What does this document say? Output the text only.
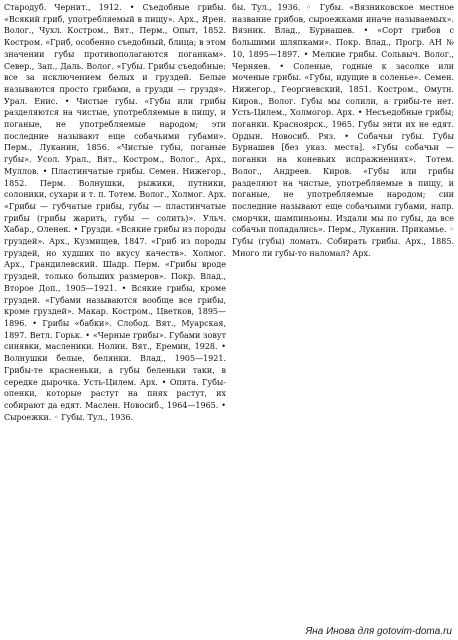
Стародуб. Чернит., 1912. • Съедобные грибы. «Всякий гриб, употребляемый в пищу». Арх., Ярен. Волог., Чухл. Костром., Вят., Перм., Опыт, 1852. Костром. «Гриб, особенно съедобный, блица; в этом значении губы противополагаются поганкам». Север., Зап., Даль. Волог. «Губы. Грибы съедобные: все за исключением белых и груздей. Белые называются просто грибами, а грузди — груздя». Урал. Енис. • Чистые губы. «Губы или грибы разделяются на чистые, употребляемые в пищу, и поганые, не употребляемые народом; эти последние называют еще собачьими губами». Перм., Луканин, 1856. «Чистые губы, поганые губы». Усол. Урал., Вят., Костром., Волог., Арх., Муллов. • Пластинчатые грибы. Семен. Нижегор., 1852. Перм. Волнушки, рыжики, путники, солоники, сухари и т. п. Тотем. Волог., Холмог. Арх. «Грибы — губчатые грибы, губы — пластинчатые грибы (грибы жарить, губы — солить)». Ульч. Хабар., Оленек. • Грузди. «Всякие грибы из породы груздей». Арх., Кузмищев, 1847. «Гриб из породы груздей, но худших по вкусу качеств». Холмог. Арх., Грандилевский. Шадр. Перм. «Грибы вроде груздей, только больших размеров». Покр. Влад., Второе Доп., 1905—1921. • Всякие грибы, кроме груздей. «Губами называются вообще все грибы, кроме груздей». Макар. Костром., Цветков, 1895—1896. • Грибы «бабки». Слобод. Вят., Муарская, 1897. Ветл. Горьк. • «Черные грибы». Губами зовут синявки, масленики. Нолин. Вят., Еремин, 1928. • Волнушки белые, белянки. Влад., 1905—1921. Грибы-те красненьки, а губы беленьки таки, в середке дырочка. Усть-Цилем. Арх. • Опята. Губы-опенки, которые растут на пнях растут, их собирают да едят. Маслен. Новосиб., 1964—1965. • Сыроежки. ◦ Губы. Тул., 1936.

бы. Тул., 1936. ◦ Губы. «Вязниковское местное название грибов, сыроежками иначе называемых». Вязник. Влад., Бурнашев. • «Сорт грибов с большими шляпками». Покр. Влад., Прогр. АН № 10, 1895—1897. • Мелкие грибы. Сольвыч. Волог., Черняев. • Соленые, годные к засолке или моченые грибы. «Губы, идущие в соленье». Семен. Нижегор., Георгиевский, 1851. Костром., Омутн. Киров., Волог. Губы мы солили, а грибы-те нет. Усть-Цилем., Холмогор. Арх. • Несъедобные грибы; поганки. Красноярск., 1965. Губы энти их не едят. Ордын. Новосиб. Ряз. • Собачьи губы. Губы Бурнашев [без указ. места]. «Губы собачьи — поганки на коневьих испражнениях». Тотем. Волог., Андреев. Киров. «Губы или грибы разделяют на чистые, употребляемые в пищу, и поганые, не употребляемые народом; сии последние называют еще собачьими губами, напр. сморчки, шампиньоны. Издали мы по губы, да все собачьи попадались». Перм., Луканин. Прикамье. ◦ Губы (губы) ломать. Собирать грибы. Арх., 1885. Много ли губы-то наломал? Арх.

Яна Инова для gotovim-doma.ru
